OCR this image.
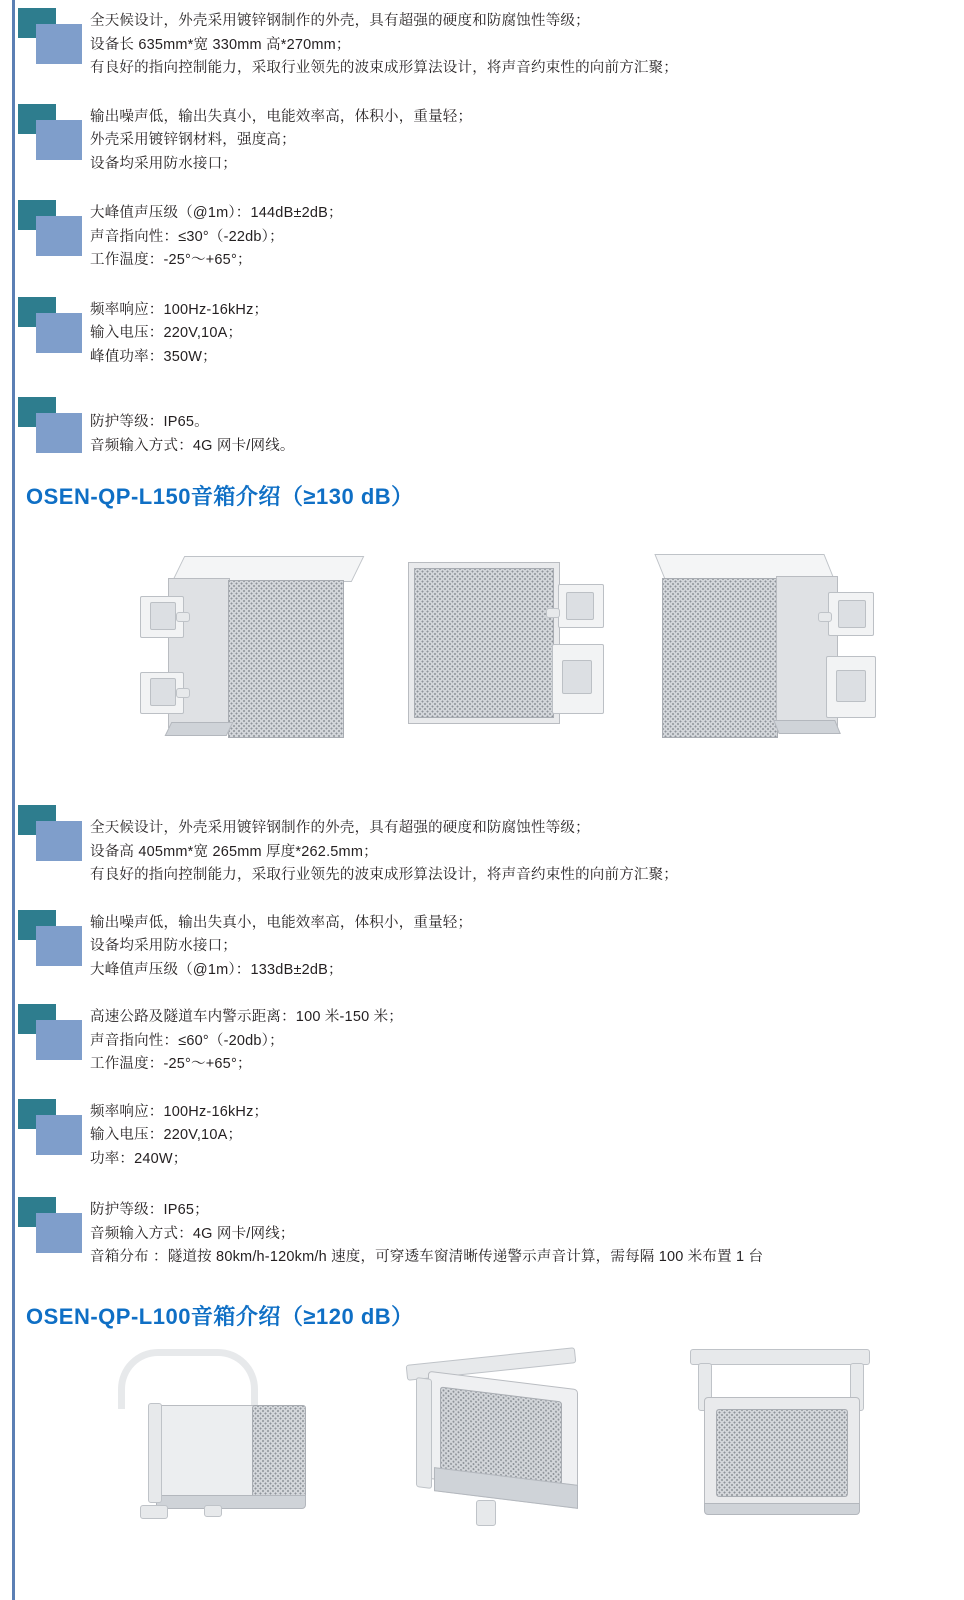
全天候设计，外壳采用镀锌钢制作的外壳，具有超强的硬度和防腐蚀性等级；
设备长 635mm*宽 330mm 高*270mm；
有良好的指向控制能力，采取行业领先的波束成形算法设计，将声音约束性的向前方汇聚；
输出噪声低，输出失真小，电能效率高，体积小，重量轻；
外壳采用镀锌钢材料，强度高；
设备均采用防水接口；
大峰值声压级（@1m）：144dB±2dB；
声音指向性：≤30°（-22db）；
工作温度：-25°～+65°；
频率响应：100Hz-16kHz；
输入电压：220V,10A；
峰值功率：350W；
防护等级：IP65。
音频输入方式：4G 网卡/网线。
OSEN-QP-L150音箱介绍（≥130 dB）
全天候设计，外壳采用镀锌钢制作的外壳，具有超强的硬度和防腐蚀性等级；
设备高 405mm*宽 265mm 厚度*262.5mm；
有良好的指向控制能力，采取行业领先的波束成形算法设计，将声音约束性的向前方汇聚；
输出噪声低，输出失真小，电能效率高，体积小，重量轻；
设备均采用防水接口；
大峰值声压级（@1m）：133dB±2dB；
高速公路及隧道车内警示距离：100 米-150 米；
声音指向性：≤60°（-20db）；
工作温度：-25°～+65°；
频率响应：100Hz-16kHz；
输入电压：220V,10A；
功率：240W；
防护等级：IP65；
音频输入方式：4G 网卡/网线；
音箱分布 ：隧道按 80km/h-120km/h 速度，可穿透车窗清晰传递警示声音计算，需每隔 100 米布置 1 台
OSEN-QP-L100音箱介绍（≥120 dB）
